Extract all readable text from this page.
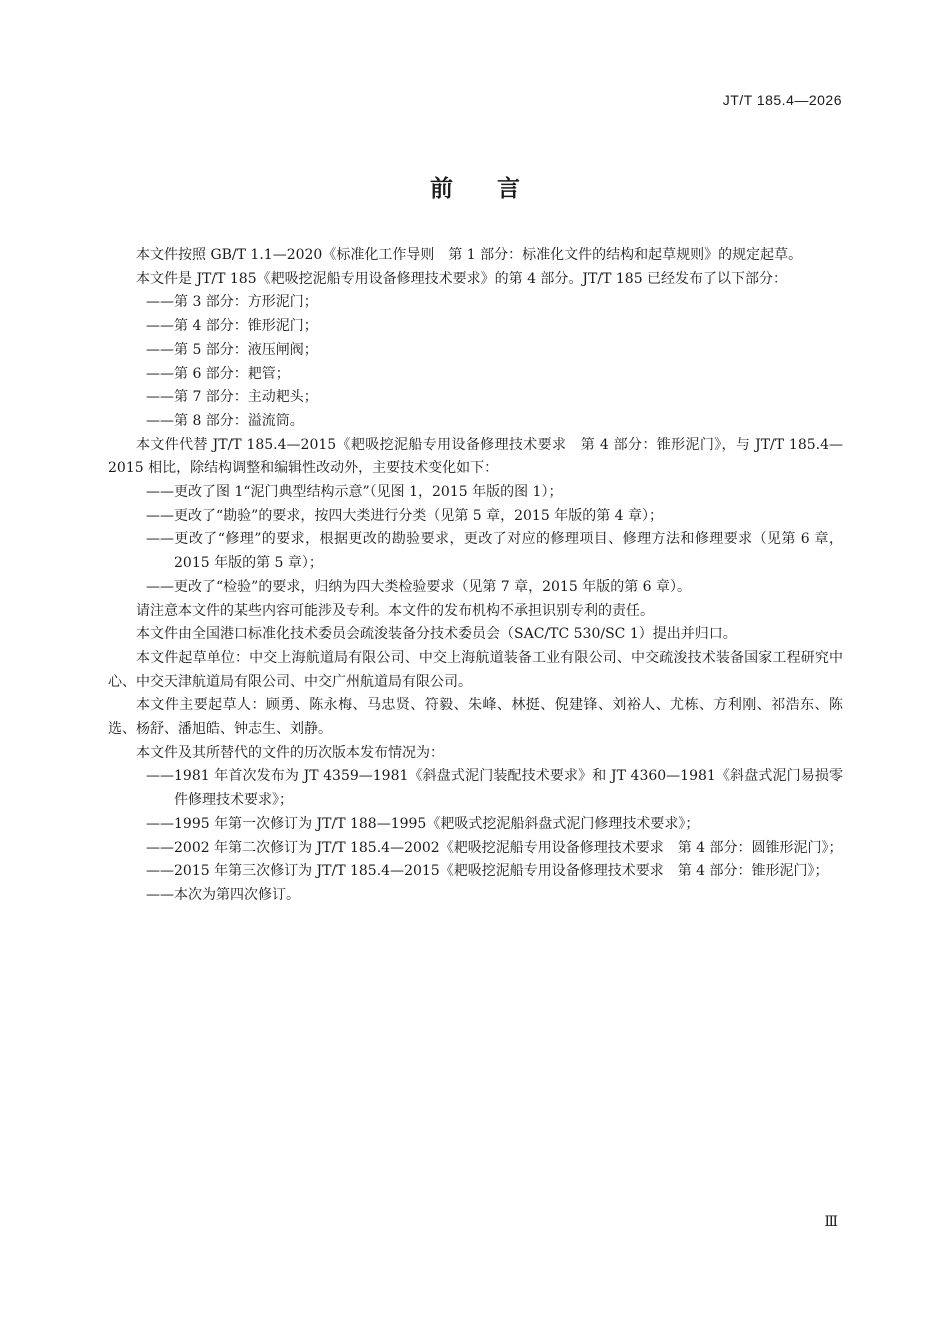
JT/T 185.4—2026
前言

本文件按照 GB/T 1.1—2020《标准化工作导则　第 1 部分：标准化文件的结构和起草规则》的规定起草。

本文件是 JT/T 185《耙吸挖泥船专用设备修理技术要求》的第 4 部分。JT/T 185 已经发布了以下部分：

——第 3 部分：方形泥门；

——第 4 部分：锥形泥门；

——第 5 部分：液压闸阀；

——第 6 部分：耙管；

——第 7 部分：主动耙头；

——第 8 部分：溢流筒。

本文件代替 JT/T 185.4—2015《耙吸挖泥船专用设备修理技术要求　第 4 部分：锥形泥门》，与 JT/T 185.4—2015 相比，除结构调整和编辑性改动外，主要技术变化如下：

——更改了图 1“泥门典型结构示意”（见图 1，2015 年版的图 1）；

——更改了“勘验”的要求，按四大类进行分类（见第 5 章，2015 年版的第 4 章）；

——更改了“修理”的要求，根据更改的勘验要求，更改了对应的修理项目、修理方法和修理要求（见第 6 章，2015 年版的第 5 章）；

——更改了“检验”的要求，归纳为四大类检验要求（见第 7 章，2015 年版的第 6 章）。

请注意本文件的某些内容可能涉及专利。本文件的发布机构不承担识别专利的责任。

本文件由全国港口标准化技术委员会疏浚装备分技术委员会（SAC/TC 530/SC 1）提出并归口。

本文件起草单位：中交上海航道局有限公司、中交上海航道装备工业有限公司、中交疏浚技术装备国家工程研究中心、中交天津航道局有限公司、中交广州航道局有限公司。

本文件主要起草人：顾勇、陈永梅、马忠贤、符毅、朱峰、林挺、倪建锋、刘裕人、尤栋、方利刚、祁浩东、陈选、杨舒、潘旭皓、钟志生、刘静。

本文件及其所替代的文件的历次版本发布情况为：

——1981 年首次发布为 JT 4359—1981《斜盘式泥门装配技术要求》和 JT 4360—1981《斜盘式泥门易损零件修理技术要求》；

——1995 年第一次修订为 JT/T 188—1995《耙吸式挖泥船斜盘式泥门修理技术要求》；

——2002 年第二次修订为 JT/T 185.4—2002《耙吸挖泥船专用设备修理技术要求　第 4 部分：圆锥形泥门》；

——2015 年第三次修订为 JT/T 185.4—2015《耙吸挖泥船专用设备修理技术要求　第 4 部分：锥形泥门》；

——本次为第四次修订。

Ⅲ
